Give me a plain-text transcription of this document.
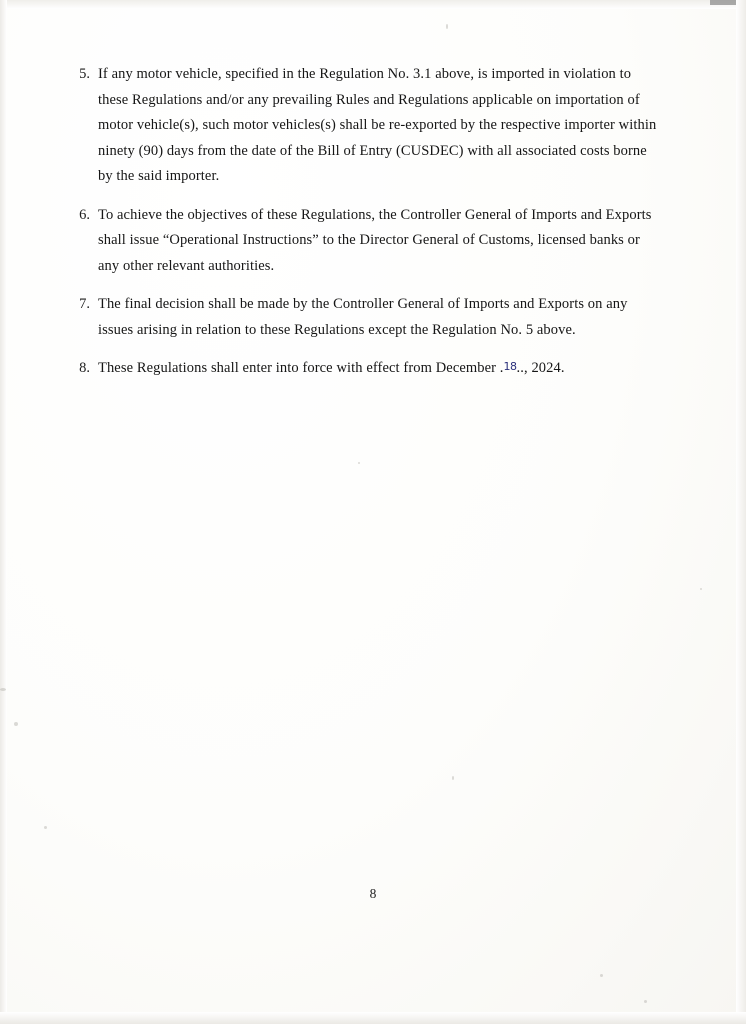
5. If any motor vehicle, specified in the Regulation No. 3.1 above, is imported in violation to these Regulations and/or any prevailing Rules and Regulations applicable on importation of motor vehicle(s), such motor vehicles(s) shall be re-exported by the respective importer within ninety (90) days from the date of the Bill of Entry (CUSDEC) with all associated costs borne by the said importer.
6. To achieve the objectives of these Regulations, the Controller General of Imports and Exports shall issue “Operational Instructions” to the Director General of Customs, licensed banks or any other relevant authorities.
7. The final decision shall be made by the Controller General of Imports and Exports on any issues arising in relation to these Regulations except the Regulation No. 5 above.
8. These Regulations shall enter into force with effect from December .18.., 2024.
8
